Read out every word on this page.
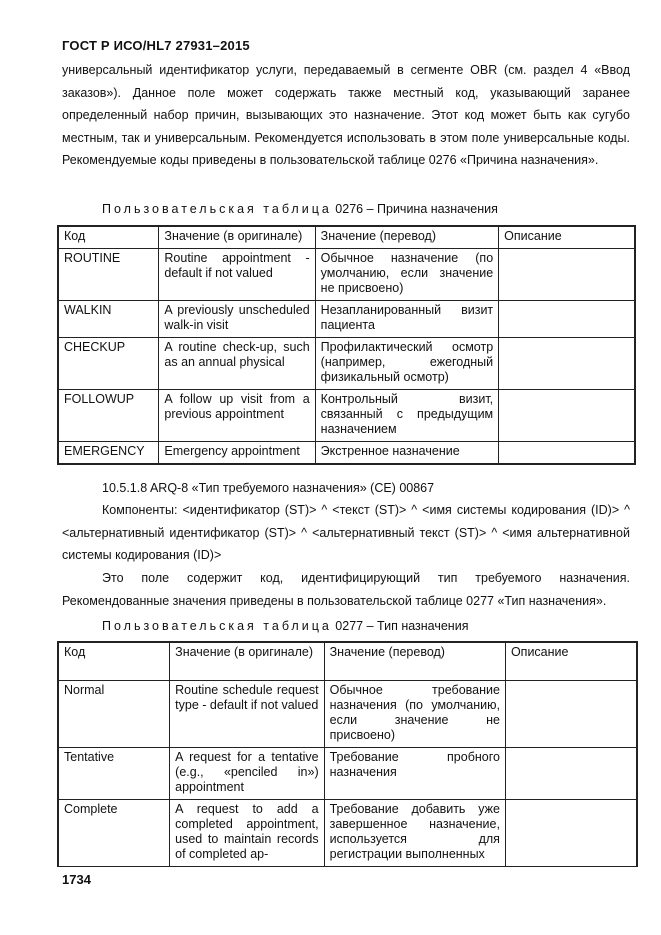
ГОСТ Р ИСО/HL7 27931–2015
универсальный идентификатор услуги, передаваемый в сегменте OBR (см. раздел 4 «Ввод заказов»). Данное поле может содержать также местный код, указывающий заранее определенный набор причин, вызывающих это назначение. Этот код может быть как сугубо местным, так и универсальным. Рекомендуется использовать в этом поле универсальные коды. Рекомендуемые коды приведены в пользовательской таблице 0276 «Причина назначения».
Пользовательская таблица 0276 – Причина назначения
Код	Значение (в оригинале)	Значение (перевод)	Описание
ROUTINE	Routine appointment - default if not valued	Обычное назначение (по умолчанию, если значение не присвоено)	
WALKIN	A previously unscheduled walk-in visit	Незапланированный визит пациента	
CHECKUP	A routine check-up, such as an annual physical	Профилактический осмотр (например, ежегодный физикальный осмотр)	
FOLLOWUP	A follow up visit from a previous appointment	Контрольный визит, связанный с предыдущим назначением	
EMERGENCY	Emergency appointment	Экстренное назначение	
10.5.1.8 ARQ-8 «Тип требуемого назначения» (CE) 00867
Компоненты: <идентификатор (ST)> ^ <текст (ST)> ^ <имя системы кодирования (ID)> ^ <альтернативный идентификатор (ST)> ^ <альтернативный текст (ST)> ^ <имя альтернативной системы кодирования (ID)>
Это поле содержит код, идентифицирующий тип требуемого назначения. Рекомендованные значения приведены в пользовательской таблице 0277 «Тип назначения».
Пользовательская таблица 0277 – Тип назначения
Код	Значение (в оригинале)	Значение (перевод)	Описание
Normal	Routine schedule request type - default if not valued	Обычное требование назначения (по умолчанию, если значение не присвоено)	
Tentative	A request for a tentative (e.g., «penciled in») appointment	Требование пробного назначения	
Complete	A request to add a completed appointment, used to maintain records of completed ap-	Требование добавить уже завершенное назначение, используется для регистрации выполненных	
1734
